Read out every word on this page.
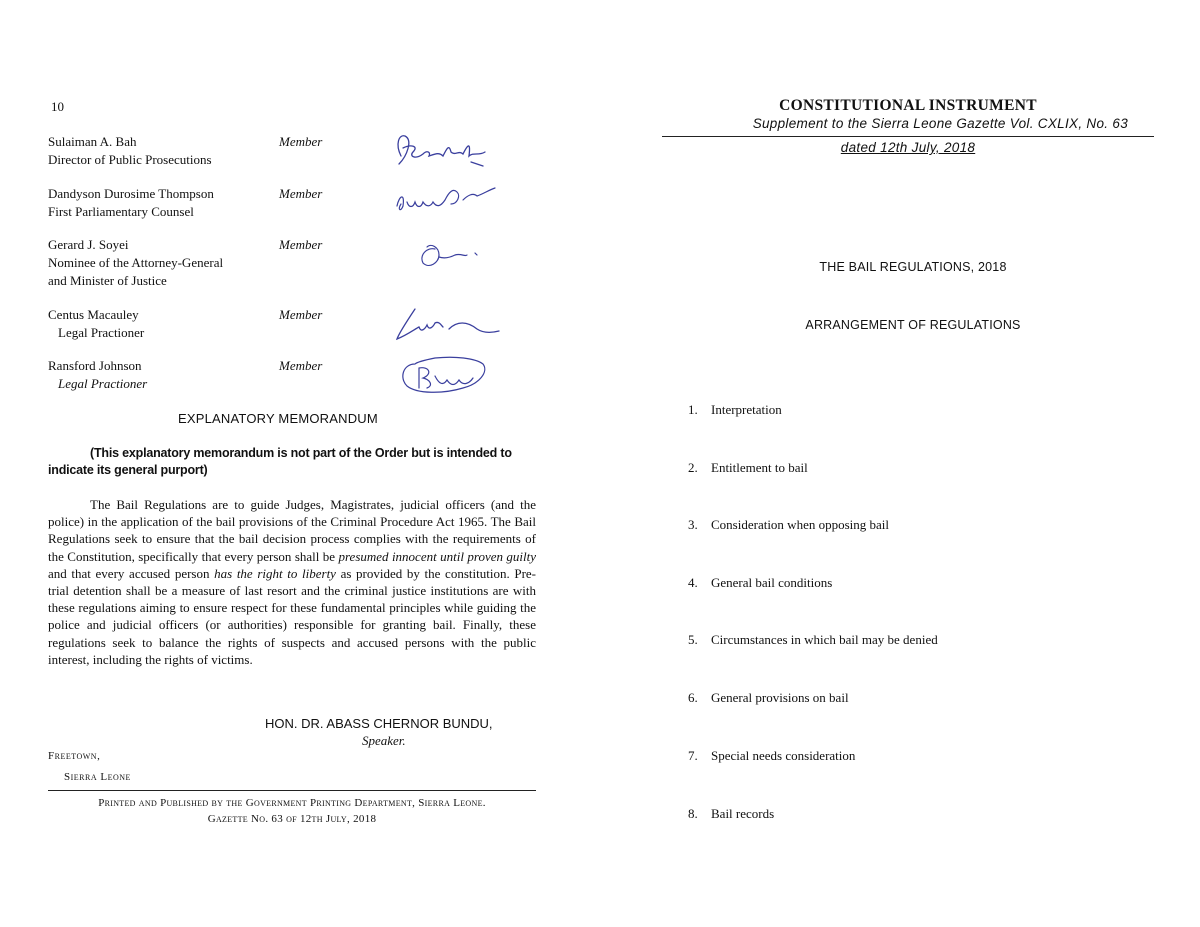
10
Sulaiman A. Bah
Director of Public Prosecutions
Member
Dandyson Durosime Thompson
First Parliamentary Counsel
Member
Gerard J. Soyei
Nominee of the Attorney-General
and Minister of Justice
Member
Centus Macauley
Legal Practioner
Member
Ransford Johnson
Legal Practioner
Member
EXPLANATORY MEMORANDUM
(This explanatory memorandum is not part of the Order but is intended to indicate its general purport)
The Bail Regulations are to guide Judges, Magistrates, judicial officers (and the police) in the application of the bail provisions of the Criminal Procedure Act 1965. The Bail Regulations seek to ensure that the bail decision process complies with the requirements of the Constitution, specifically that every person shall be presumed innocent until proven guilty and that every accused person has the right to liberty as provided by the constitution. Pre-trial detention shall be a measure of last resort and the criminal justice institutions are with these regulations aiming to ensure respect for these fundamental principles while guiding the police and judicial officers (or authorities) responsible for granting bail. Finally, these regulations seek to balance the rights of suspects and accused persons with the public interest, including the rights of victims.
HON. DR. ABASS CHERNOR BUNDU,
Speaker.
Freetown,
Sierra Leone
Printed and Published by the Government Printing Department, Sierra Leone.
Gazette No. 63 of 12th July, 2018
CONSTITUTIONAL INSTRUMENT
Supplement to the Sierra Leone Gazette Vol. CXLIX, No. 63
dated 12th July, 2018
THE BAIL REGULATIONS, 2018
ARRANGEMENT OF REGULATIONS
1. Interpretation
2. Entitlement to bail
3. Consideration when opposing bail
4. General bail conditions
5. Circumstances in which bail may be denied
6. General provisions on bail
7. Special needs consideration
8. Bail records
